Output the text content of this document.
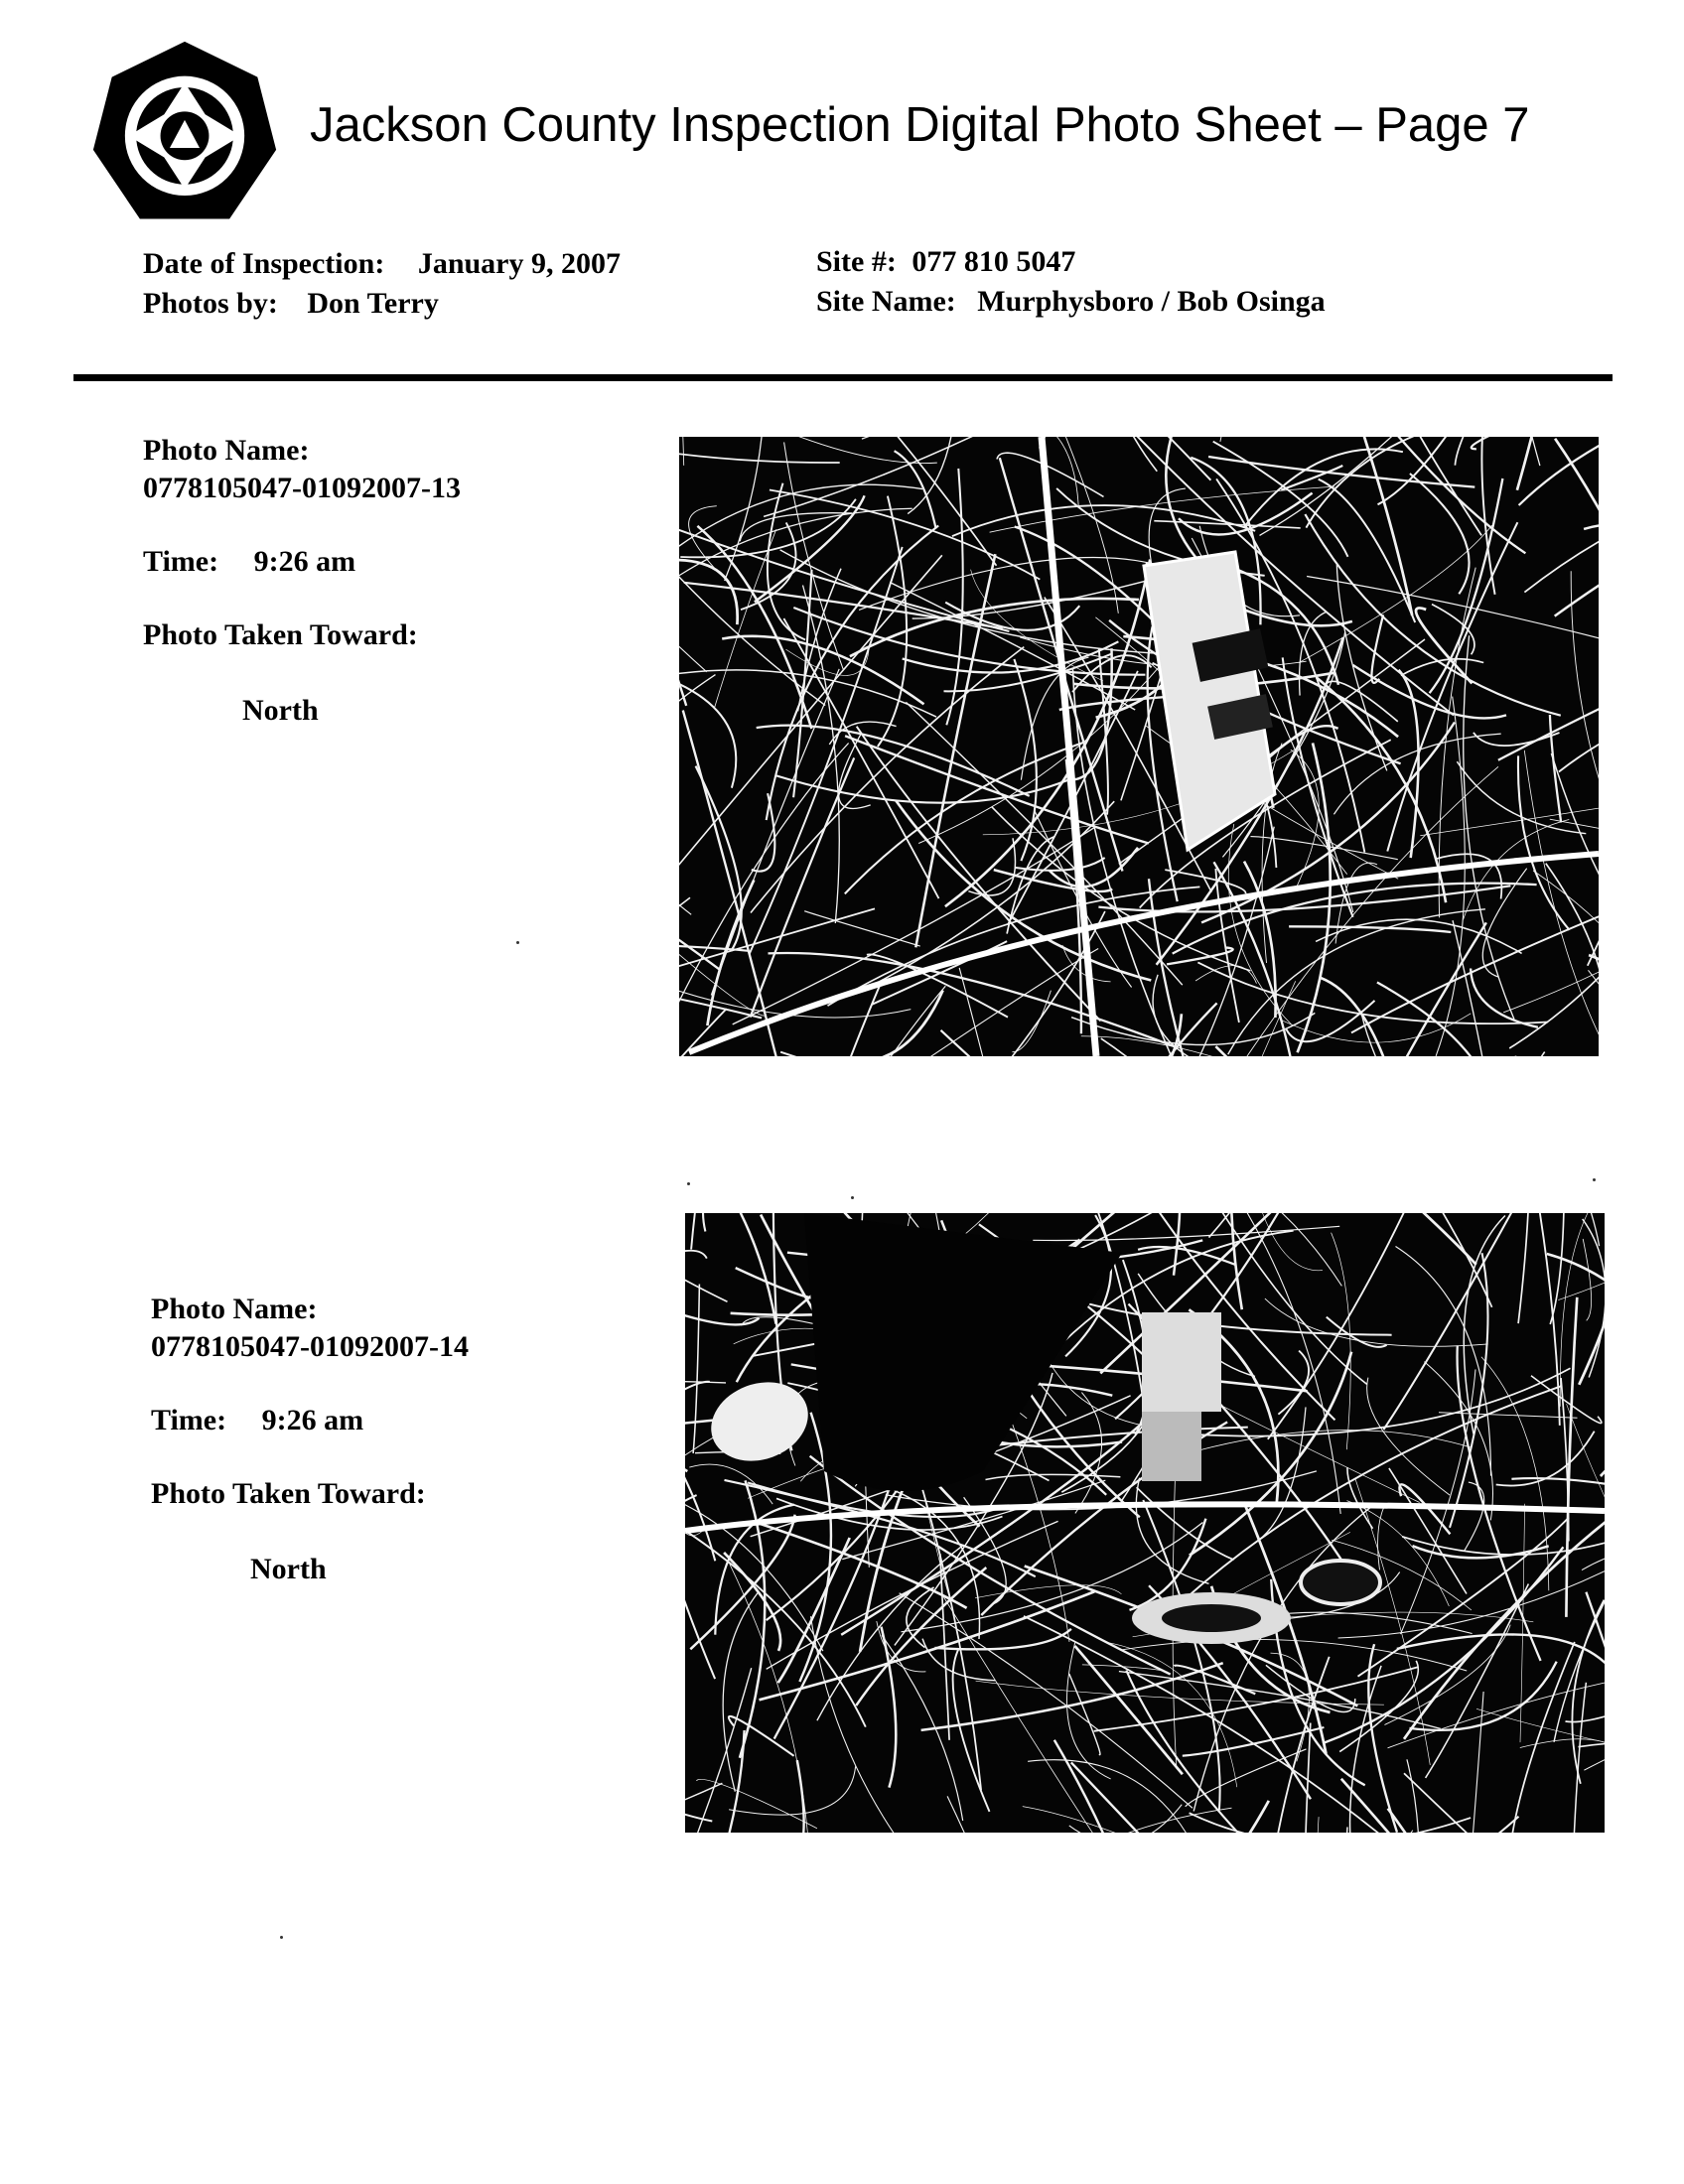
Jackson County Inspection Digital Photo Sheet – Page 7
Date of Inspection: January 9, 2007
Photos by: Don Terry
Site #: 077 810 5047
Site Name: Murphysboro / Bob Osinga
Photo Name:
0778105047-01092007-13
Time: 9:26 am
Photo Taken Toward:
North
Photo Name:
0778105047-01092007-14
Time: 9:26 am
Photo Taken Toward:
North
